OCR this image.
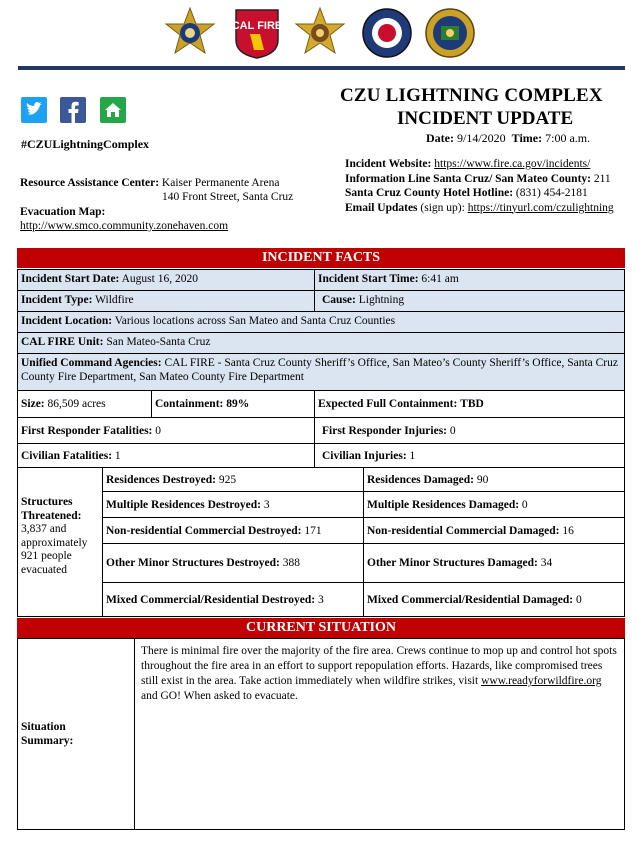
CAL FIRE
#CZULightningComplex
CZU LIGHTNING COMPLEX
INCIDENT UPDATE
Date: 9/14/2020 Time: 7:00 a.m.
Incident Website: https://www.fire.ca.gov/incidents/
Information Line Santa Cruz/ San Mateo County: 211
Santa Cruz County Hotel Hotline: (831) 454-2181
Email Updates (sign up): https://tinyurl.com/czulightning
Resource Assistance Center: Kaiser Permanente Arena
140 Front Street, Santa Cruz
Evacuation Map:
http://www.smco.community.zonehaven.com
INCIDENT FACTS
Incident Start Date: August 16, 2020	Incident Start Time: 6:41 am
Incident Type: Wildfire	Cause: Lightning
Incident Location: Various locations across San Mateo and Santa Cruz Counties
CAL FIRE Unit: San Mateo-Santa Cruz
Unified Command Agencies: CAL FIRE - Santa Cruz County Sheriff’s Office, San Mateo’s County Sheriff’s Office, Santa Cruz County Fire Department, San Mateo County Fire Department
Size:
86,509 acres	Containment:
89%	Expected Full Containment:
TBD
First Responder Fatalities:
0	First Responder Injuries:
0
Civilian Fatalities:
1	Civilian Injuries:
1
Structures Threatened:
3,837 and approximately 921 people evacuated
Residences Destroyed:
925	Residences Damaged:
90
Multiple Residences Destroyed:
3	Multiple Residences Damaged:
0
Non-residential Commercial Destroyed:
171	Non-residential Commercial Damaged:
16
Other Minor Structures Destroyed:
388	Other Minor Structures Damaged:
34
Mixed Commercial/Residential Destroyed:
3	Mixed Commercial/Residential Damaged:
0
CURRENT SITUATION
Situation Summary:
There is minimal fire over the majority of the fire area. Crews continue to mop up and control hot spots throughout the fire area in an effort to support repopulation efforts. Hazards, like compromised trees still exist in the area. Take action immediately when wildfire strikes, visit www.readyforwildfire.org and GO! When asked to evacuate.
